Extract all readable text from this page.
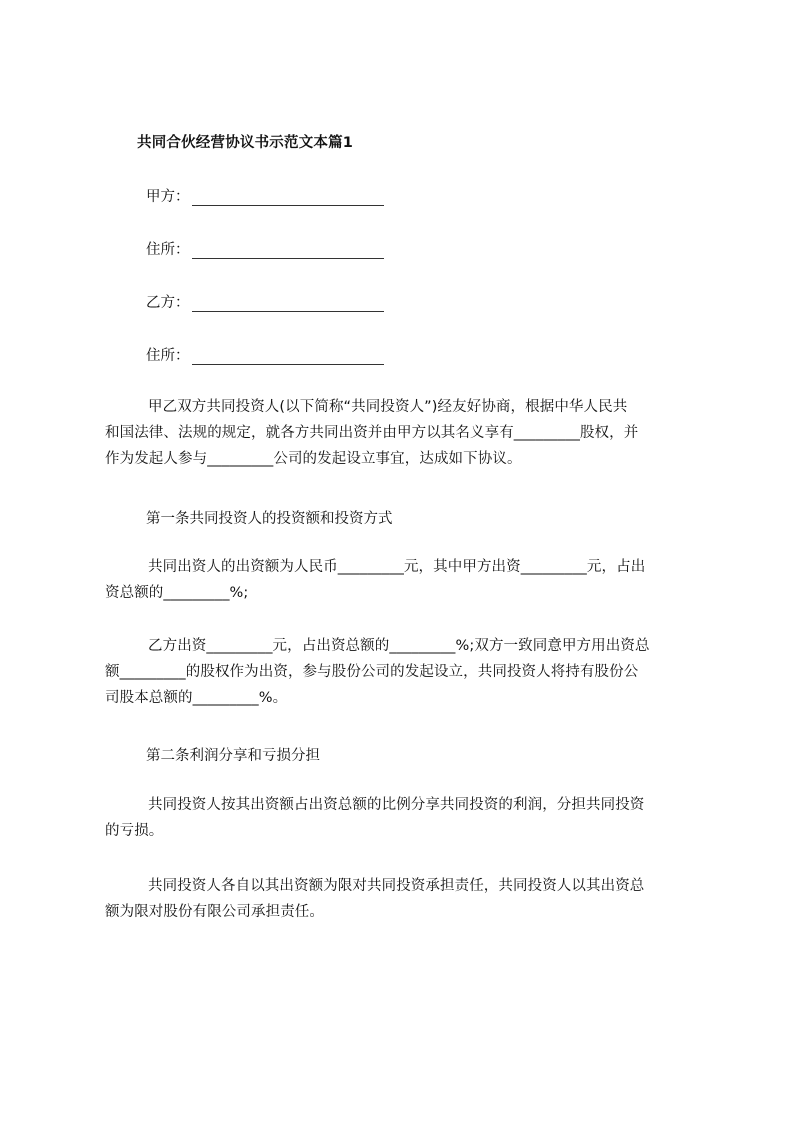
共同合伙经营协议书示范文本篇1
甲方：
住所：
乙方：
住所：
甲乙双方共同投资人(以下简称“共同投资人”)经友好协商，根据中华人民共
和国法律、法规的规定，就各方共同出资并由甲方以其名义享有_________股权，并
作为发起人参与_________公司的发起设立事宜，达成如下协议。
第一条共同投资人的投资额和投资方式
共同出资人的出资额为人民币_________元，其中甲方出资_________元，占出
资总额的_________%;
乙方出资_________元，占出资总额的_________%;双方一致同意甲方用出资总
额_________的股权作为出资，参与股份公司的发起设立，共同投资人将持有股份公
司股本总额的_________%。
第二条利润分享和亏损分担
共同投资人按其出资额占出资总额的比例分享共同投资的利润，分担共同投资
的亏损。
共同投资人各自以其出资额为限对共同投资承担责任，共同投资人以其出资总
额为限对股份有限公司承担责任。
